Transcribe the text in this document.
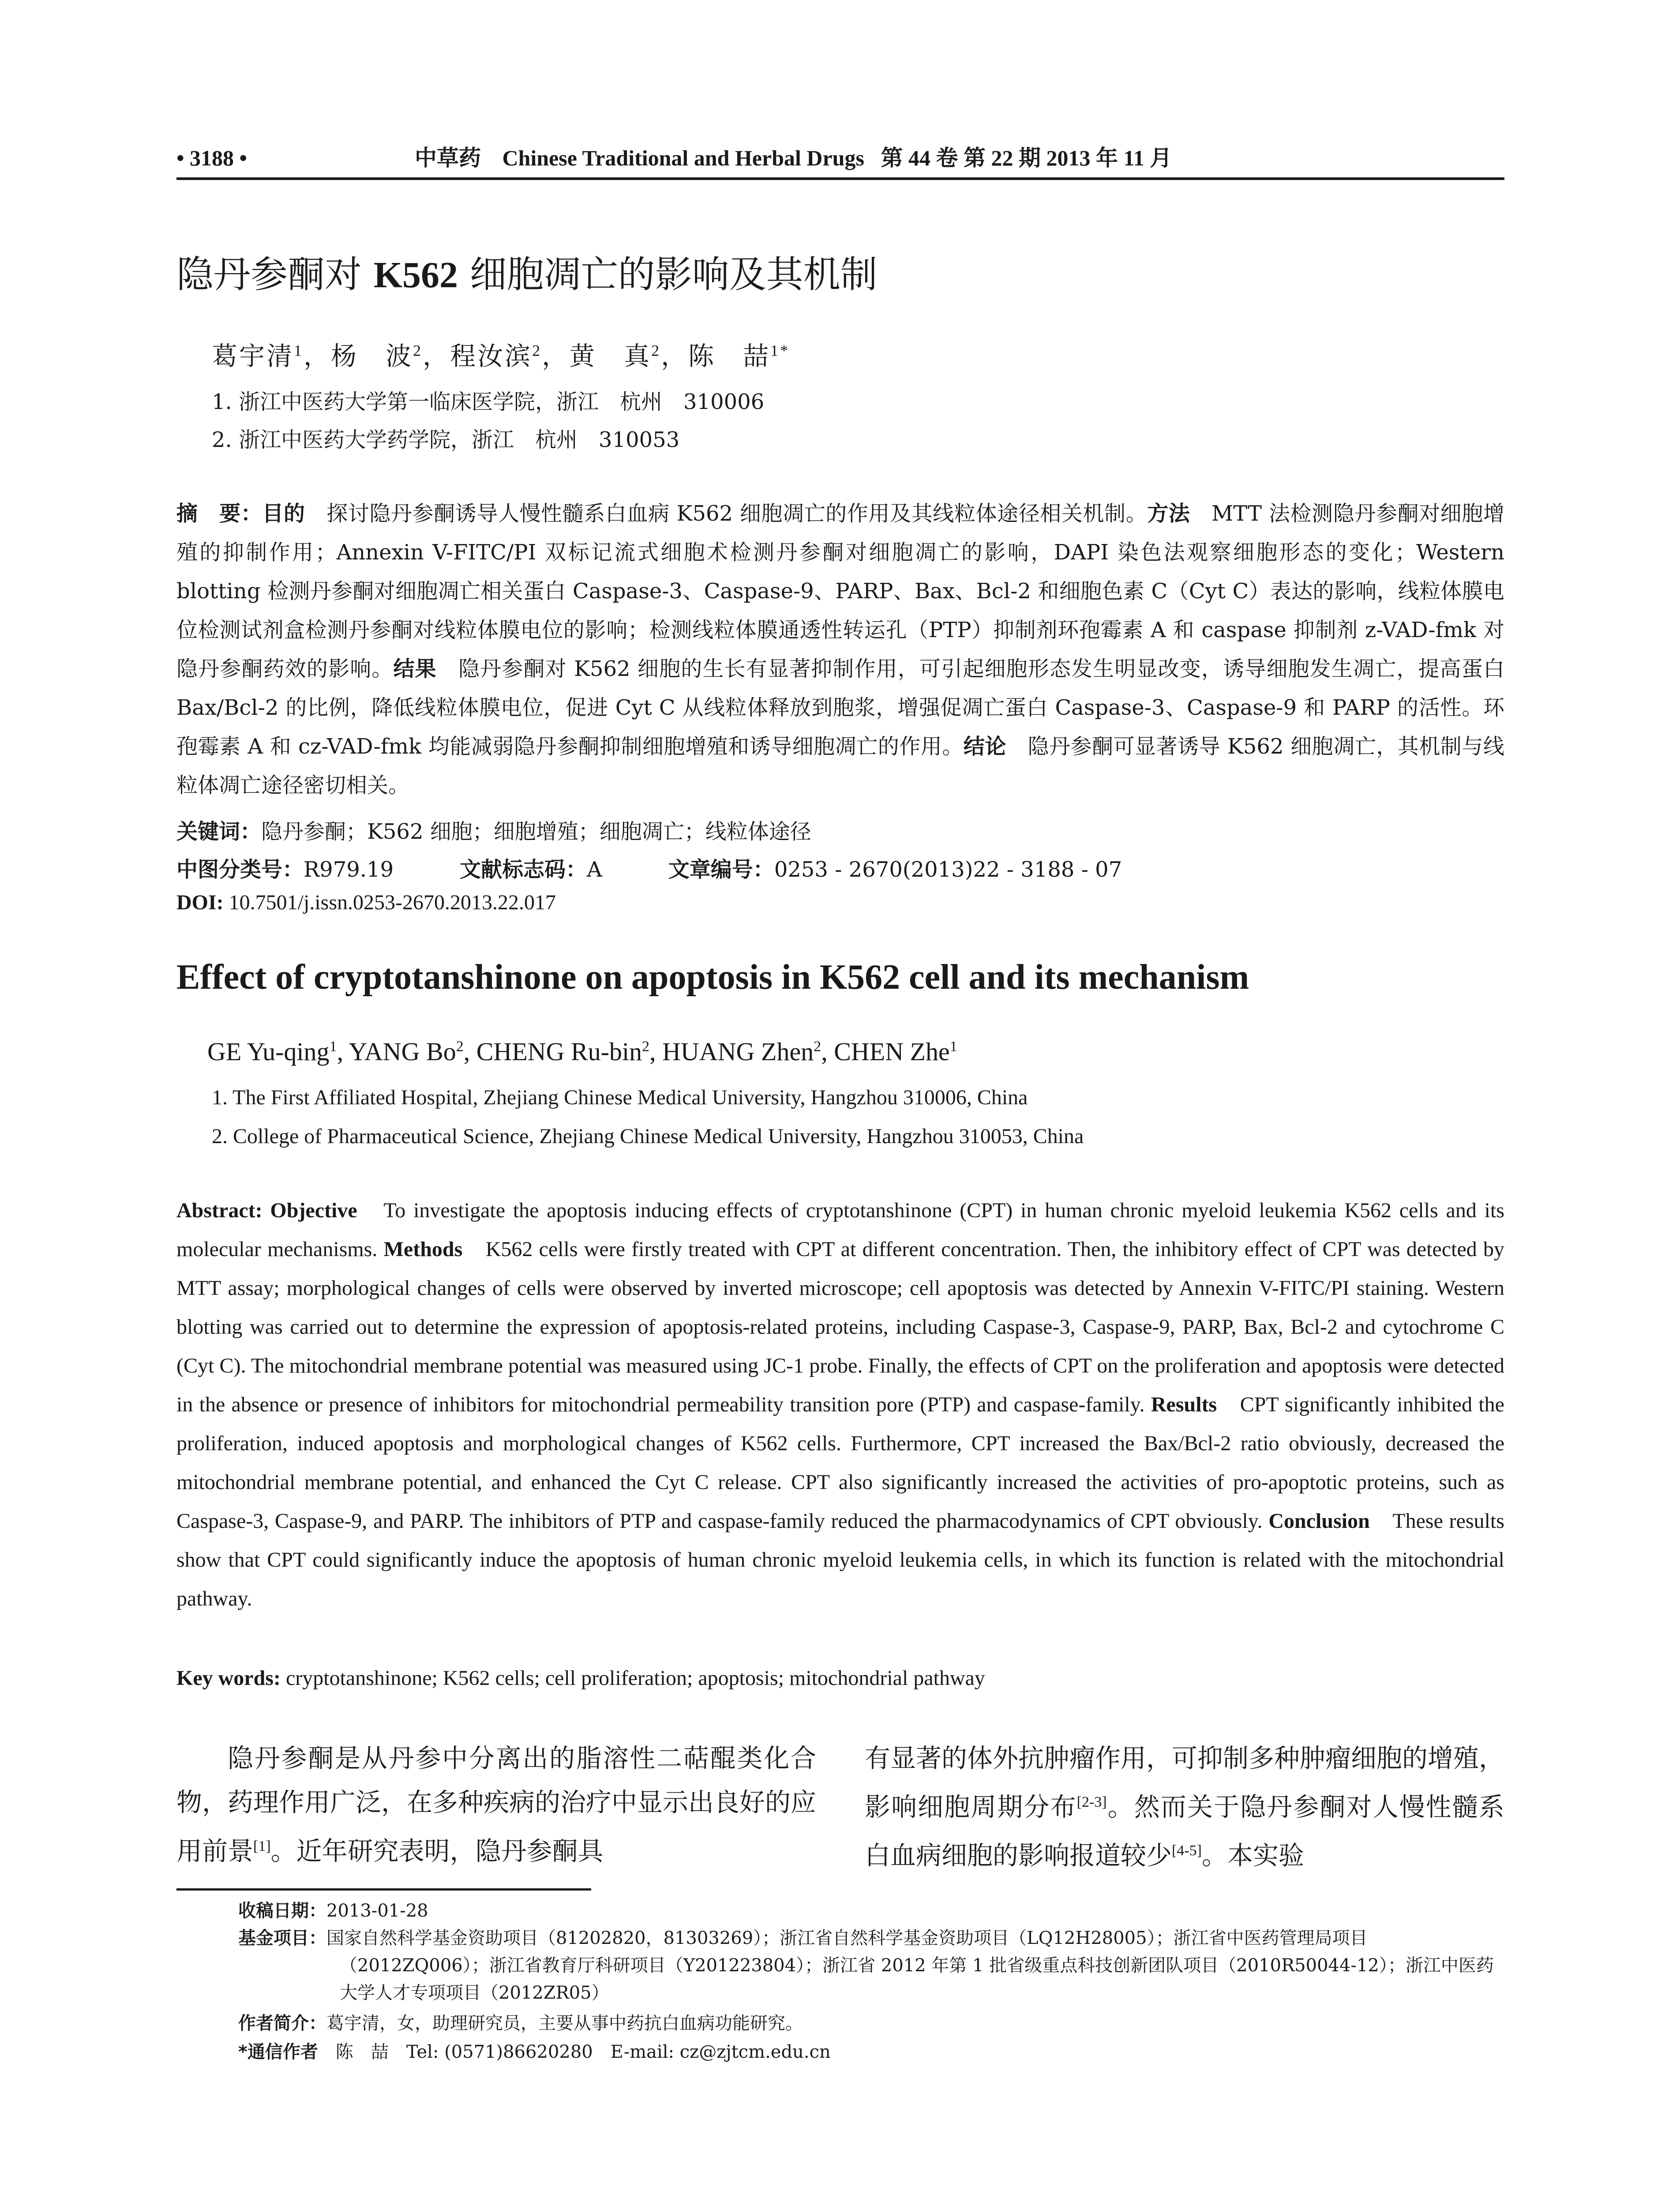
• 3188 •	中草药 Chinese Traditional and Herbal Drugs 第 44 卷 第 22 期 2013 年 11 月
隐丹参酮对 K562 细胞凋亡的影响及其机制
葛宇清$^1$，杨　波$^2$，程汝滨$^2$，黄　真$^2$，陈　喆$^{1*}$
1. 浙江中医药大学第一临床医学院，浙江　杭州　310006
2. 浙江中医药大学药学院，浙江　杭州　310053
摘　要：目的　探讨隐丹参酮诱导人慢性髓系白血病 K562 细胞凋亡的作用及其线粒体途径相关机制。方法　MTT 法检测隐丹参酮对细胞增殖的抑制作用；Annexin V-FITC/PI 双标记流式细胞术检测丹参酮对细胞凋亡的影响，DAPI 染色法观察细胞形态的变化；Western blotting 检测丹参酮对细胞凋亡相关蛋白 Caspase-3、Caspase-9、PARP、Bax、Bcl-2 和细胞色素 C（Cyt C）表达的影响，线粒体膜电位检测试剂盒检测丹参酮对线粒体膜电位的影响；检测线粒体膜通透性转运孔（PTP）抑制剂环孢霉素 A 和 caspase 抑制剂 z-VAD-fmk 对隐丹参酮药效的影响。结果　隐丹参酮对 K562 细胞的生长有显著抑制作用，可引起细胞形态发生明显改变，诱导细胞发生凋亡，提高蛋白 Bax/Bcl-2 的比例，降低线粒体膜电位，促进 Cyt C 从线粒体释放到胞浆，增强促凋亡蛋白 Caspase-3、Caspase-9 和 PARP 的活性。环孢霉素 A 和 cz-VAD-fmk 均能减弱隐丹参酮抑制细胞增殖和诱导细胞凋亡的作用。结论　隐丹参酮可显著诱导 K562 细胞凋亡，其机制与线粒体凋亡途径密切相关。
关键词：隐丹参酮；K562 细胞；细胞增殖；细胞凋亡；线粒体途径
中图分类号：R979.19	文献标志码：A	文章编号：0253 - 2670(2013)22 - 3188 - 07
DOI: 10.7501/j.issn.0253-2670.2013.22.017
Effect of cryptotanshinone on apoptosis in K562 cell and its mechanism
GE Yu-qing$^1$, YANG Bo$^2$, CHENG Ru-bin$^2$, HUANG Zhen$^2$, CHEN Zhe$^1$
1. The First Affiliated Hospital, Zhejiang Chinese Medical University, Hangzhou 310006, China
2. College of Pharmaceutical Science, Zhejiang Chinese Medical University, Hangzhou 310053, China
Abstract: Objective　To investigate the apoptosis inducing effects of cryptotanshinone (CPT) in human chronic myeloid leukemia K562 cells and its molecular mechanisms. Methods　K562 cells were firstly treated with CPT at different concentration. Then, the inhibitory effect of CPT was detected by MTT assay; morphological changes of cells were observed by inverted microscope; cell apoptosis was detected by Annexin V-FITC/PI staining. Western blotting was carried out to determine the expression of apoptosis-related proteins, including Caspase-3, Caspase-9, PARP, Bax, Bcl-2 and cytochrome C (Cyt C). The mitochondrial membrane potential was measured using JC-1 probe. Finally, the effects of CPT on the proliferation and apoptosis were detected in the absence or presence of inhibitors for mitochondrial permeability transition pore (PTP) and caspase-family. Results　CPT significantly inhibited the proliferation, induced apoptosis and morphological changes of K562 cells. Furthermore, CPT increased the Bax/Bcl-2 ratio obviously, decreased the mitochondrial membrane potential, and enhanced the Cyt C release. CPT also significantly increased the activities of pro-apoptotic proteins, such as Caspase-3, Caspase-9, and PARP. The inhibitors of PTP and caspase-family reduced the pharmacodynamics of CPT obviously. Conclusion　These results show that CPT could significantly induce the apoptosis of human chronic myeloid leukemia cells, in which its function is related with the mitochondrial pathway.
Key words: cryptotanshinone; K562 cells; cell proliferation; apoptosis; mitochondrial pathway
隐丹参酮是从丹参中分离出的脂溶性二萜醌类化合物，药理作用广泛，在多种疾病的治疗中显示出良好的应用前景[1]。近年研究表明，隐丹参酮具
有显著的体外抗肿瘤作用，可抑制多种肿瘤细胞的增殖，影响细胞周期分布[2-3]。然而关于隐丹参酮对人慢性髓系白血病细胞的影响报道较少[4-5]。本实验
收稿日期：2013-01-28
基金项目：国家自然科学基金资助项目（81202820，81303269）；浙江省自然科学基金资助项目（LQ12H28005）；浙江省中医药管理局项目（2012ZQ006）；浙江省教育厅科研项目（Y201223804）；浙江省 2012 年第 1 批省级重点科技创新团队项目（2010R50044-12）；浙江中医药大学人才专项项目（2012ZR05）
作者简介：葛宇清，女，助理研究员，主要从事中药抗白血病功能研究。
*通信作者　陈　喆　Tel: (0571)86620280　E-mail: cz@zjtcm.edu.cn
